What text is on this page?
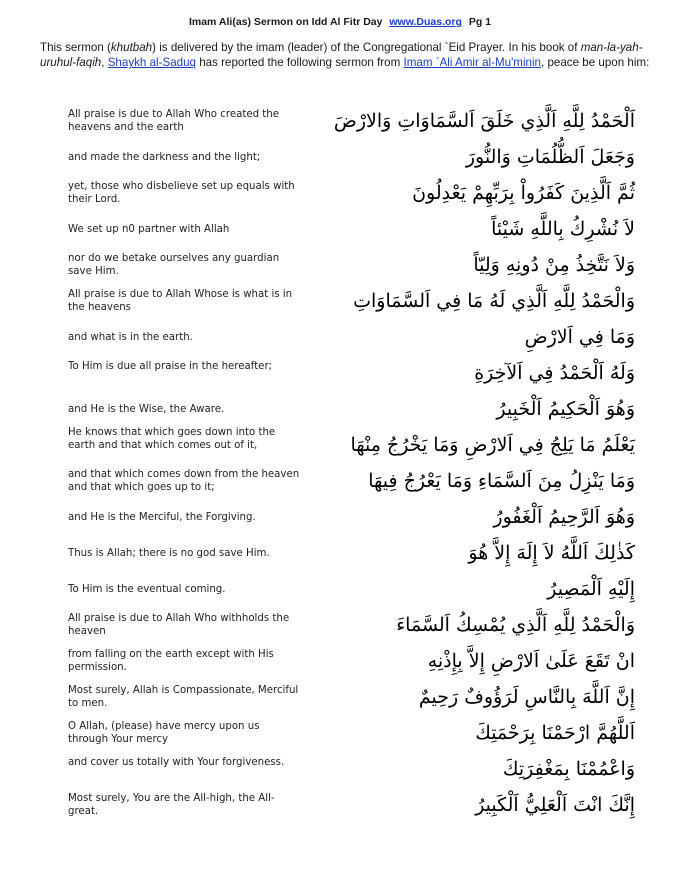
Imam Ali(as) Sermon on Idd Al Fitr Day www.Duas.org Pg 1
This sermon (khutbah) is delivered by the imam (leader) of the Congregational `Eid Prayer. In his book of man-la-yahuruhul-faqih, Shaykh al-Saduq has reported the following sermon from Imam `Ali Amir al-Mu'minin, peace be upon him:
All praise is due to Allah Who created the heavens and the earth	اَلْحَمْدُ لِلَّهِ اَلَّذِي خَلَقَ اَلسَّمَاوَاتِ وَالارْضَ
and made the darkness and the light;	وَجَعَلَ اَلظُّلُمَاتِ وَالنُّورَ
yet, those who disbelieve set up equals with their Lord.	ثُمَّ اَلَّذِينَ كَفَرُواْ بِرَبِّهِمْ يَعْدِلُونَ
We set up n0 partner with Allah	لاَ نُشْرِكُ بِاللَّهِ شَيْئاً
nor do we betake ourselves any guardian save Him.	وَلاَ نَتَّخِذُ مِنْ دُونِهِ وَلِيّاً
All praise is due to Allah Whose is what is in the heavens	وَالْحَمْدُ لِلَّهِ اَلَّذِي لَهُ مَا فِي اَلسَّمَاوَاتِ
and what is in the earth.	وَمَا فِي اَلارْضِ
To Him is due all praise in the hereafter;	وَلَهُ اَلْحَمْدُ فِي اَلآخِرَةِ
and He is the Wise, the Aware.	وَهُوَ اَلْحَكِيمُ اَلْخَبِيرُ
He knows that which goes down into the earth and that which comes out of it,	يَعْلَمُ مَا يَلِجُ فِي اَلارْضِ وَمَا يَخْرُجُ مِنْهَا
and that which comes down from the heaven and that which goes up to it;	وَمَا يَنْزِلُ مِنَ اَلسَّمَاءِ وَمَا يَعْرُجُ فِيهَا
and He is the Merciful, the Forgiving.	وَهُوَ اَلرَّحِيمُ اَلْغَفُورُ
Thus is Allah; there is no god save Him.	كَذٰلِكَ اَللَّهُ لاَ إِلَهَ إِلاَّ هُوَ
To Him is the eventual coming.	إِلَيْهِ اَلْمَصِيرُ
All praise is due to Allah Who withholds the heaven	وَالْحَمْدُ لِلَّهِ اَلَّذِي يُمْسِكُ اَلسَّمَاءَ
from falling on the earth except with His permission.	انْ تَقَعَ عَلَىٰ اَلارْضِ إِلاَّ بِإِذْنِهِ
Most surely, Allah is Compassionate, Merciful to men.	إِنَّ اَللَّهَ بِالنَّاسِ لَرَؤُوفٌ رَحِيمٌ
O Allah, (please) have mercy upon us through Your mercy	اَللَّهُمَّ ارْحَمْنَا بِرَحْمَتِكَ
and cover us totally with Your forgiveness.	وَاعْمُمْنَا بِمَغْفِرَتِكَ
Most surely, You are the All-high, the All-great.	إِنَّكَ انْتَ اَلْعَلِيُّ اَلْكَبِيرُ
